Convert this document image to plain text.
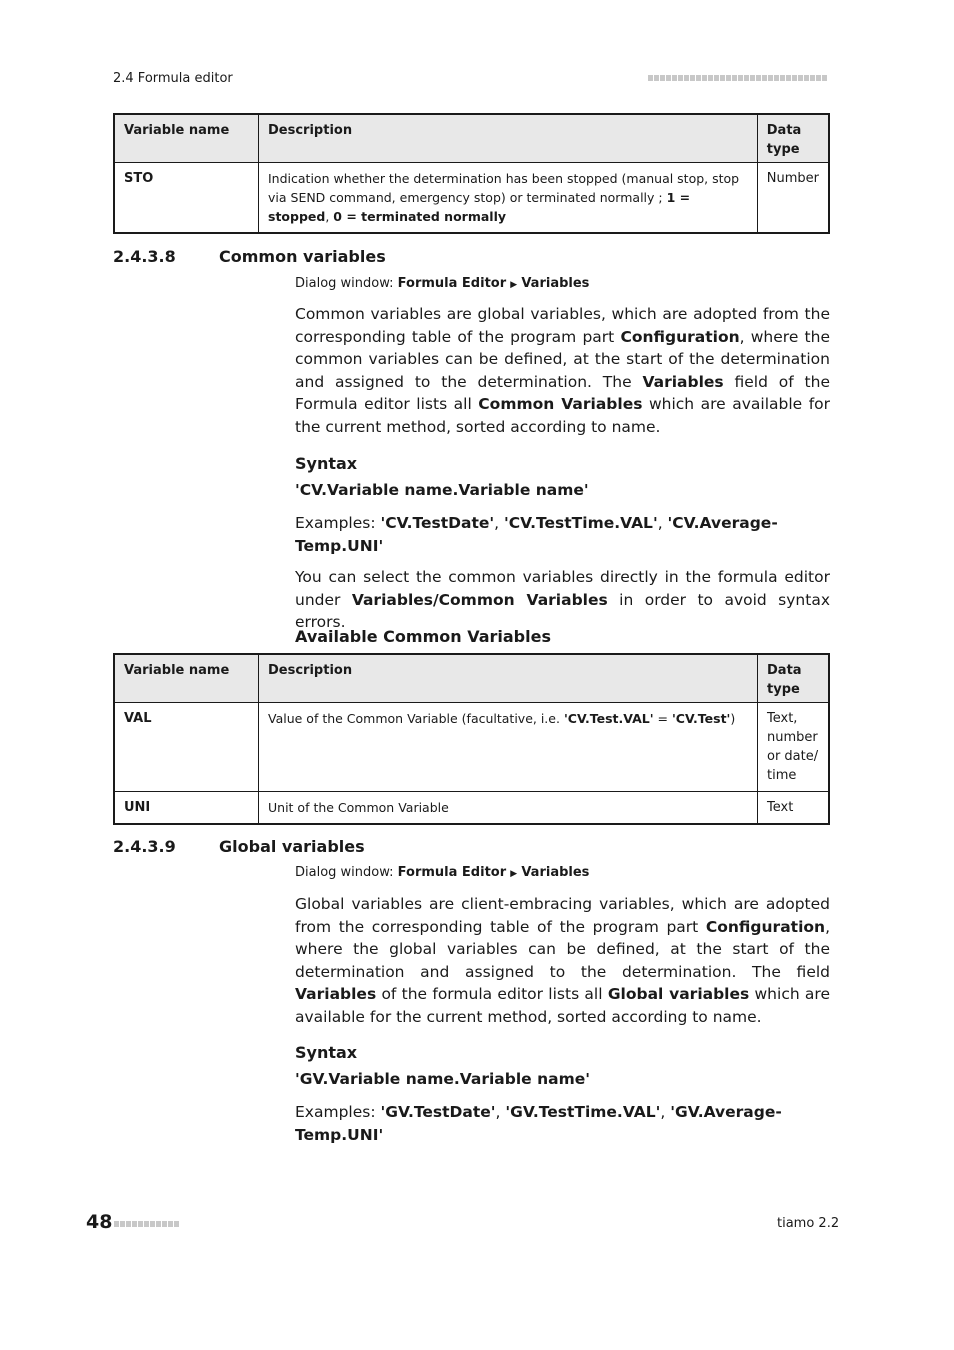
2.4 Formula editor
Variable name	Description	Data type
STO	Indication whether the determination has been stopped (manual stop, stop via SEND command, emergency stop) or terminated normally ; 1 = stopped, 0 = terminated normally	Number
2.4.3.8	Common variables
Dialog window: Formula Editor ▶ Variables
Common variables are global variables, which are adopted from the corresponding table of the program part Configuration, where the common variables can be defined, at the start of the determination and assigned to the determination. The Variables field of the Formula editor lists all Common Variables which are available for the current method, sorted according to name.
Syntax
'CV.Variable name.Variable name'
Examples: 'CV.TestDate', 'CV.TestTime.VAL', 'CV.AverageTemp.UNI'
You can select the common variables directly in the formula editor under Variables/Common Variables in order to avoid syntax errors.
Available Common Variables
Variable name	Description	Data type
VAL	Value of the Common Variable (facultative, i.e. 'CV.Test.VAL' = 'CV.Test')	Text, number or date/ time
UNI	Unit of the Common Variable	Text
2.4.3.9	Global variables
Dialog window: Formula Editor ▶ Variables
Global variables are client-embracing variables, which are adopted from the corresponding table of the program part Configuration, where the global variables can be defined, at the start of the determination and assigned to the determination. The field Variables of the formula editor lists all Global variables which are available for the current method, sorted according to name.
Syntax
'GV.Variable name.Variable name'
Examples: 'GV.TestDate', 'GV.TestTime.VAL', 'GV.AverageTemp.UNI'
48	tiamo 2.2
